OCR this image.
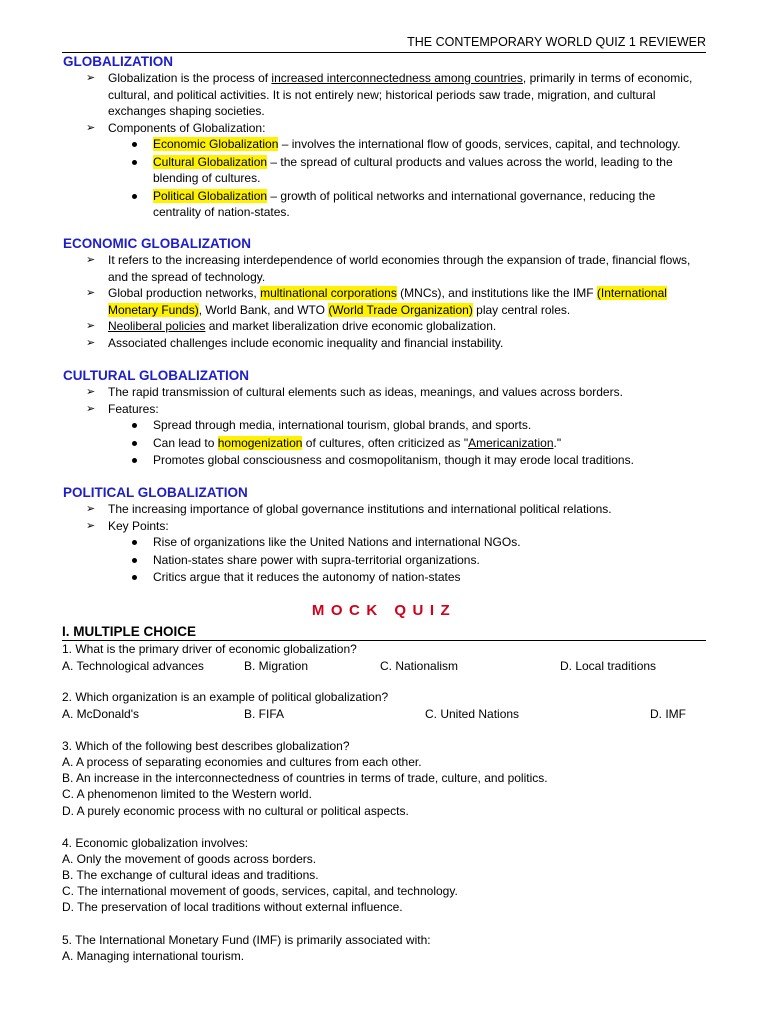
THE CONTEMPORARY WORLD QUIZ 1 REVIEWER
GLOBALIZATION
➢ Globalization is the process of increased interconnectedness among countries, primarily in terms of economic, cultural, and political activities. It is not entirely new; historical periods saw trade, migration, and cultural exchanges shaping societies.
➢ Components of Globalization:
Economic Globalization – involves the international flow of goods, services, capital, and technology.
Cultural Globalization – the spread of cultural products and values across the world, leading to the blending of cultures.
Political Globalization – growth of political networks and international governance, reducing the centrality of nation-states.
ECONOMIC GLOBALIZATION
➢ It refers to the increasing interdependence of world economies through the expansion of trade, financial flows, and the spread of technology.
➢ Global production networks, multinational corporations (MNCs), and institutions like the IMF (International Monetary Funds), World Bank, and WTO (World Trade Organization) play central roles.
➢ Neoliberal policies and market liberalization drive economic globalization.
➢ Associated challenges include economic inequality and financial instability.
CULTURAL GLOBALIZATION
➢ The rapid transmission of cultural elements such as ideas, meanings, and values across borders.
➢ Features:
Spread through media, international tourism, global brands, and sports.
Can lead to homogenization of cultures, often criticized as "Americanization."
Promotes global consciousness and cosmopolitanism, though it may erode local traditions.
POLITICAL GLOBALIZATION
➢ The increasing importance of global governance institutions and international political relations.
➢ Key Points:
Rise of organizations like the United Nations and international NGOs.
Nation-states share power with supra-territorial organizations.
Critics argue that it reduces the autonomy of nation-states
MOCK QUIZ
I. MULTIPLE CHOICE
1. What is the primary driver of economic globalization?
A. Technological advances	B. Migration	C. Nationalism	D. Local traditions
2. Which organization is an example of political globalization?
A. McDonald's	B. FIFA	C. United Nations	D. IMF
3. Which of the following best describes globalization?
A. A process of separating economies and cultures from each other.
B. An increase in the interconnectedness of countries in terms of trade, culture, and politics.
C. A phenomenon limited to the Western world.
D. A purely economic process with no cultural or political aspects.
4. Economic globalization involves:
A. Only the movement of goods across borders.
B. The exchange of cultural ideas and traditions.
C. The international movement of goods, services, capital, and technology.
D. The preservation of local traditions without external influence.
5. The International Monetary Fund (IMF) is primarily associated with:
A. Managing international tourism.
